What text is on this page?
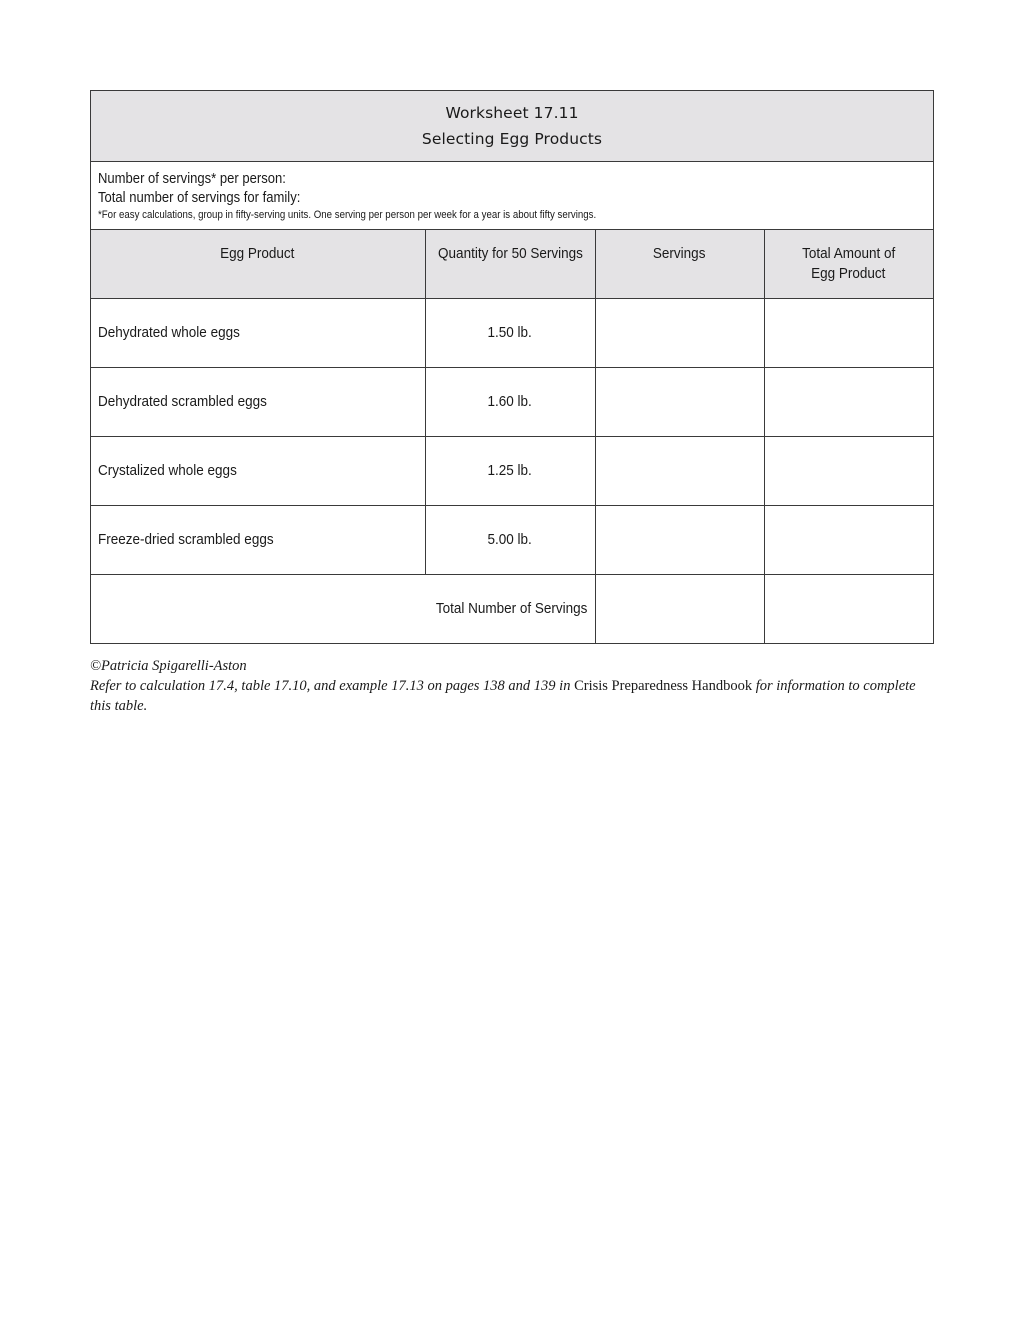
Worksheet 17.11
Selecting Egg Products
Number of servings* per person:
Total number of servings for family:
*For easy calculations, group in fifty-serving units. One serving per person per week for a year is about fifty servings.
Egg Product	Quantity for 50 Servings	Servings	Total Amount of
Egg Product
Dehydrated whole eggs	1.50 lb.		
Dehydrated scrambled eggs	1.60 lb.		
Crystalized whole eggs	1.25 lb.		
Freeze-dried scrambled eggs	5.00 lb.		
Total Number of Servings			
©Patricia Spigarelli-Aston
Refer to calculation 17.4, table 17.10, and example 17.13 on pages 138 and 139 in Crisis Preparedness Handbook for information to complete this table.
